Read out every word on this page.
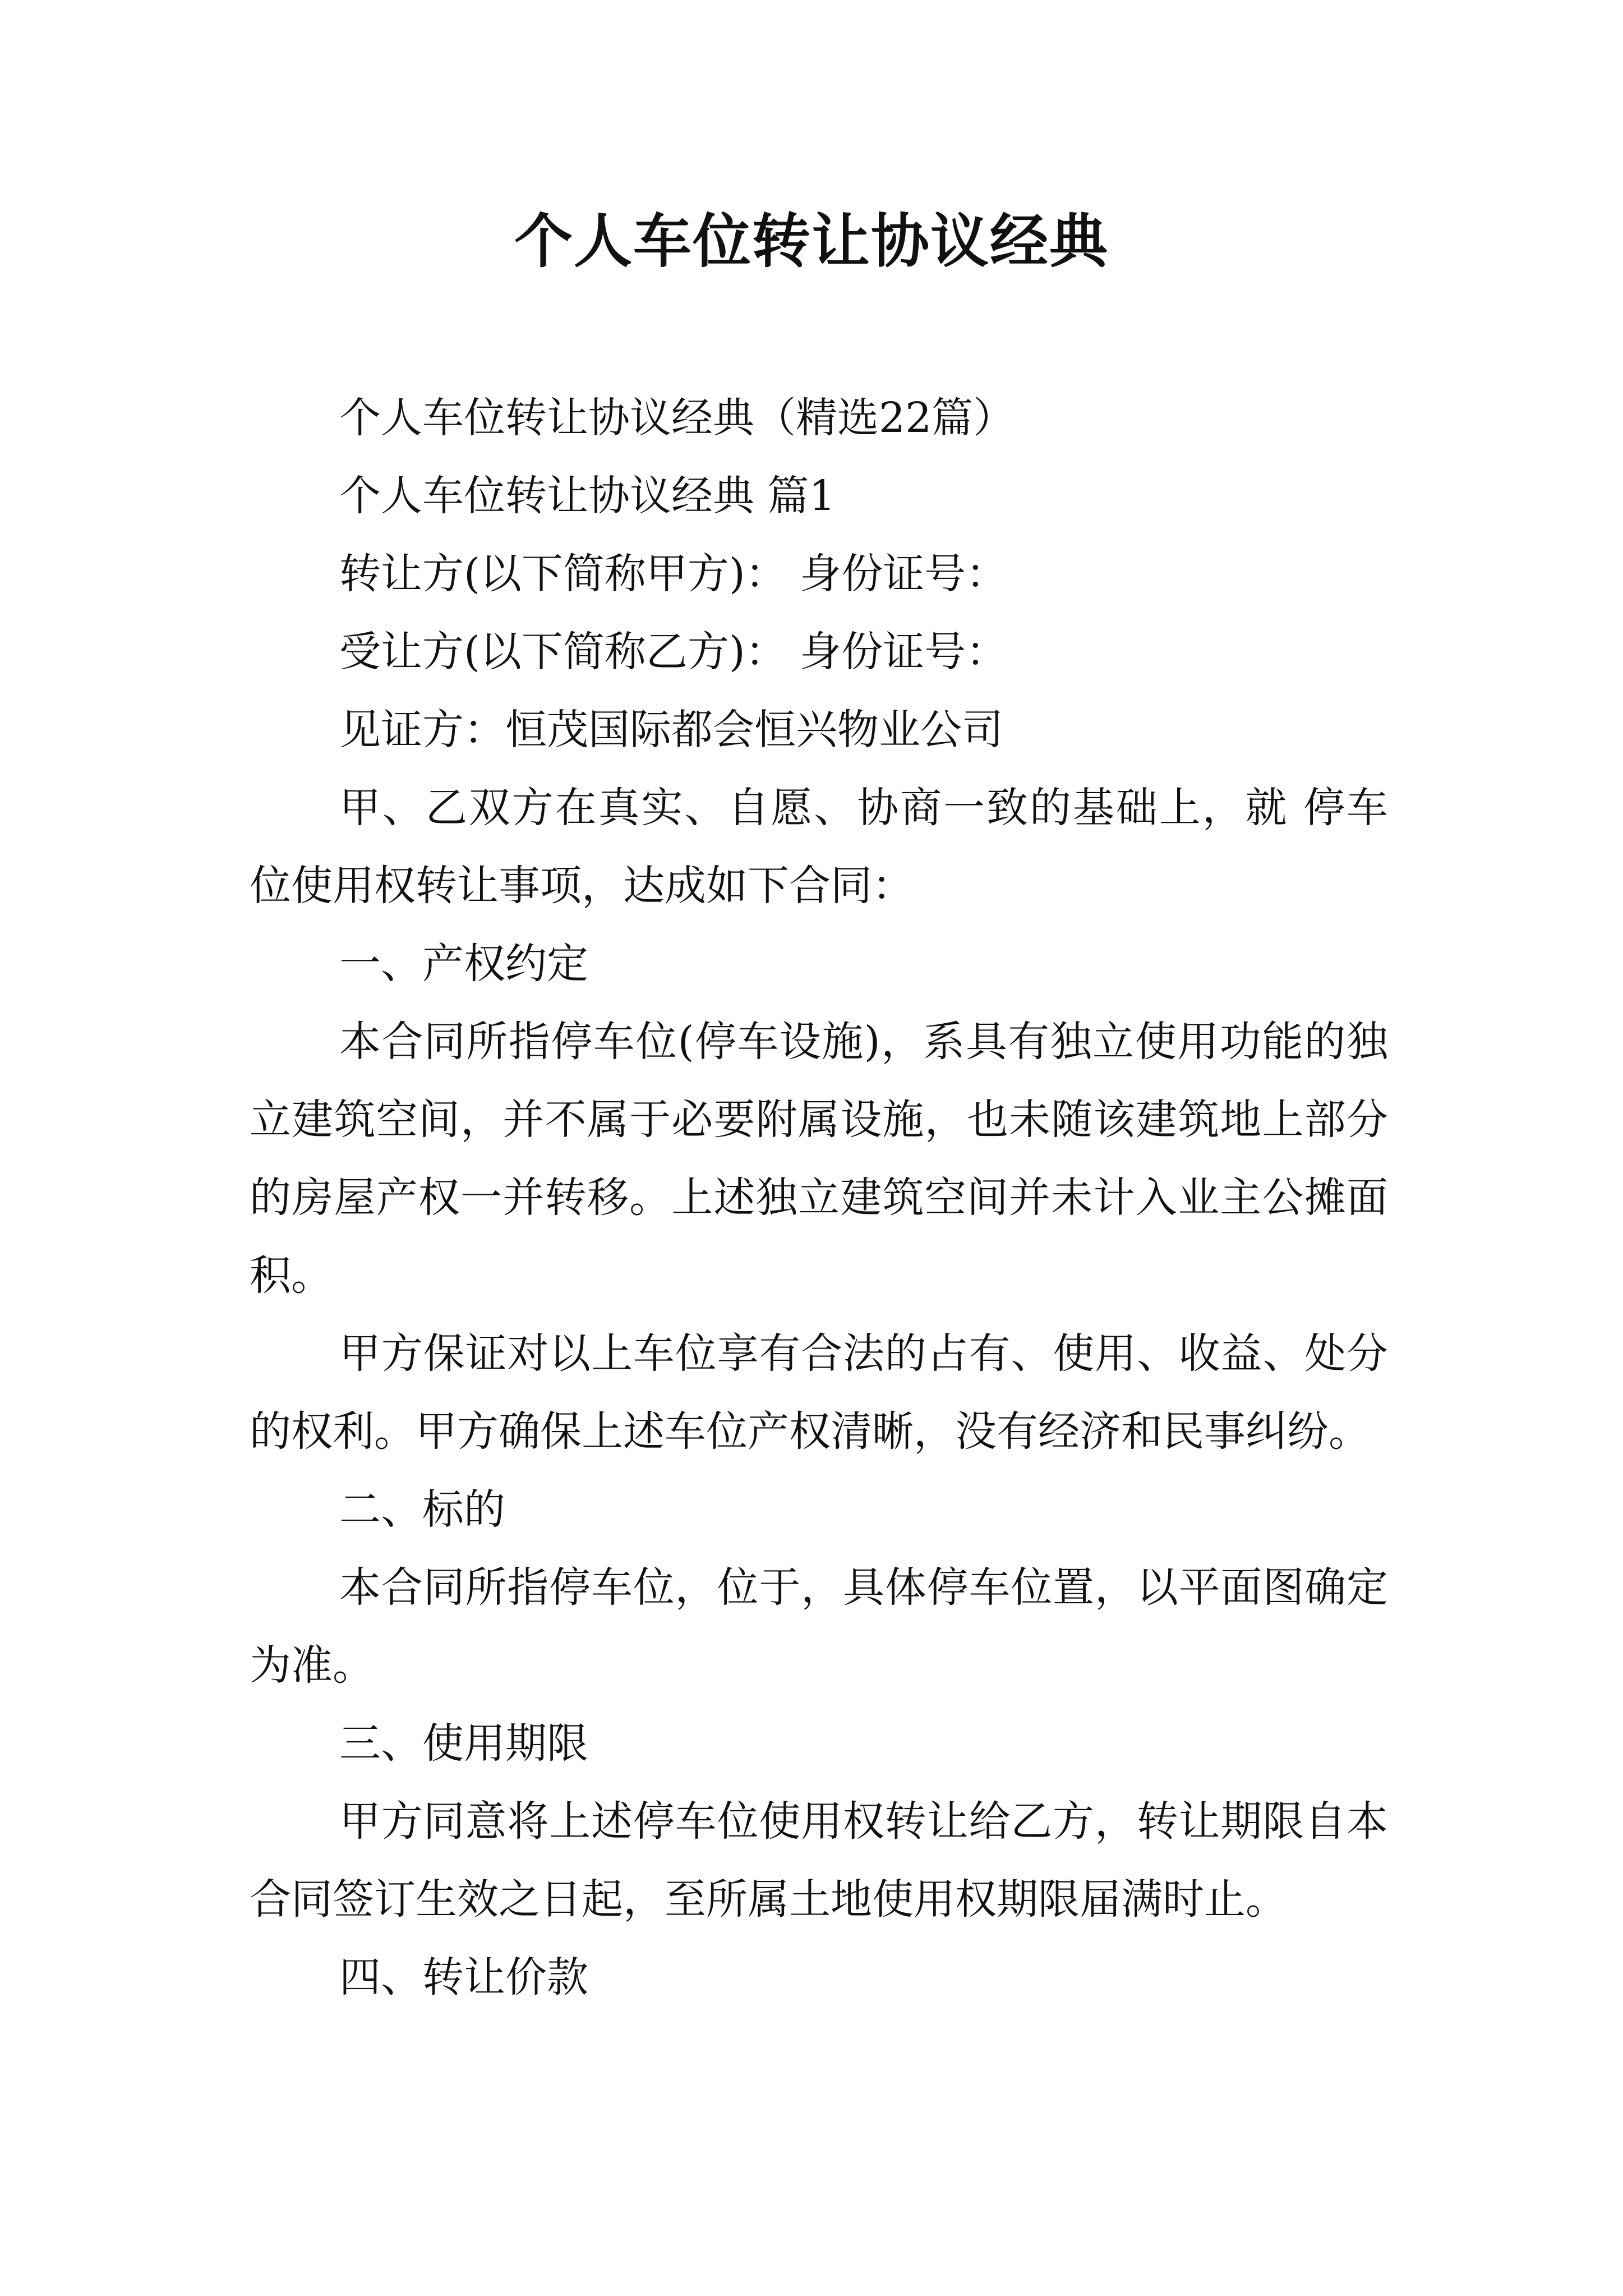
个人车位转让协议经典

个人车位转让协议经典（精选22篇）

个人车位转让协议经典 篇1

转让方(以下简称甲方)： 身份证号：

受让方(以下简称乙方)： 身份证号：

见证方：恒茂国际都会恒兴物业公司

甲、乙双方在真实、自愿、协商一致的基础上，就 停车位使用权转让事项，达成如下合同：

一、产权约定

本合同所指停车位(停车设施)，系具有独立使用功能的独立建筑空间，并不属于必要附属设施，也未随该建筑地上部分的房屋产权一并转移。上述独立建筑空间并未计入业主公摊面积。

甲方保证对以上车位享有合法的占有、使用、收益、处分的权利。甲方确保上述车位产权清晰，没有经济和民事纠纷。

二、标的

本合同所指停车位，位于，具体停车位置，以平面图确定为准。

三、使用期限

甲方同意将上述停车位使用权转让给乙方，转让期限自本合同签订生效之日起，至所属土地使用权期限届满时止。

四、转让价款
